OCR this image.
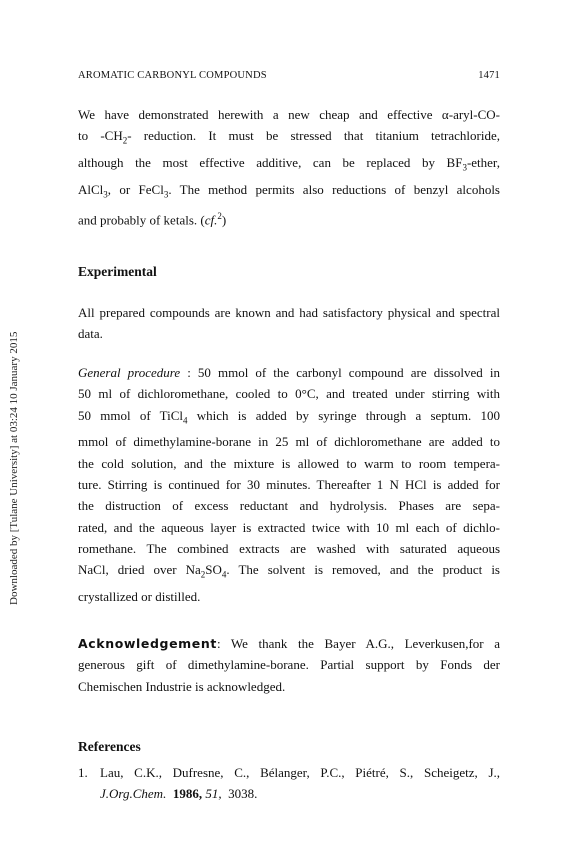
Downloaded by [Tulane University] at 03:24 10 January 2015
AROMATIC CARBONYL COMPOUNDS	1471

We have demonstrated herewith a new cheap and effective α-aryl-CO-

to $-CH_2-$ reduction. It must be stressed that titanium tetrachloride,

although the most effective additive, can be replaced by $BF_3$-ether,

AlCl$_3$, or FeCl$_3$. The method permits also reductions of benzyl alcohols

and probably of ketals. (cf.$^2$)

Experimental

All prepared compounds are known and had satisfactory physical and spectral data.

General procedure : 50 mmol of the carbonyl compound are dissolved in

50 ml of dichloromethane, cooled to 0°C, and treated under stirring with

50 mmol of TiCl$_4$ which is added by syringe through a septum. 100

mmol of dimethylamine-borane in 25 ml of dichloromethane are added to

the cold solution, and the mixture is allowed to warm to room tempera-

ture. Stirring is continued for 30 minutes. Thereafter 1 N HCl is added for

the distruction of excess reductant and hydrolysis. Phases are sepa-

rated, and the aqueous layer is extracted twice with 10 ml each of dichlo-

romethane. The combined extracts are washed with saturated aqueous

NaCl, dried over $Na_2SO_4$. The solvent is removed, and the product is

crystallized or distilled.

Acknowledgement: We thank the Bayer A.G., Leverkusen,for a

generous gift of dimethylamine-borane. Partial support by Fonds der

Chemischen Industrie is acknowledged.

References
1. Lau, C.K., Dufresne, C., Bélanger, P.C., Piétré, S., Scheigetz, J.,
J.Org.Chem. 1986, 51, 3038.
